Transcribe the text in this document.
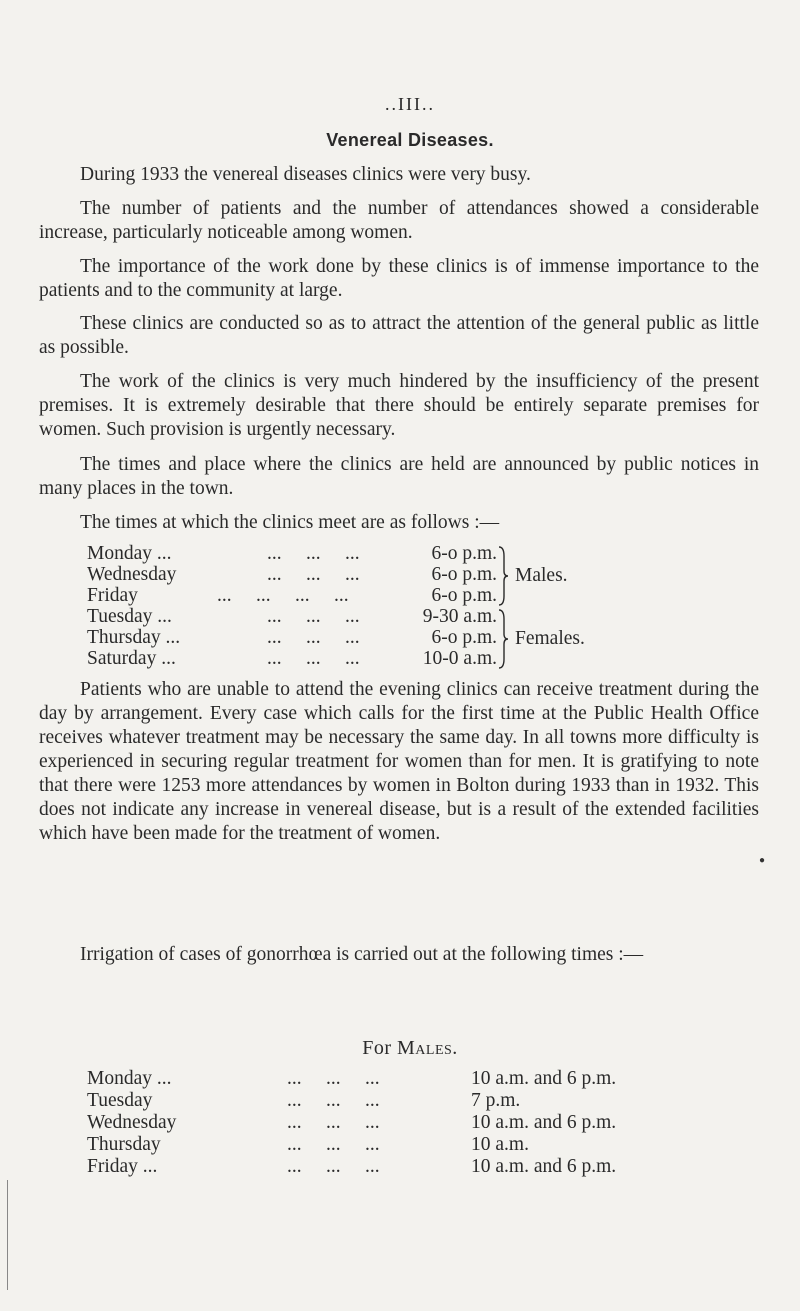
..III..
Venereal Diseases.

During 1933 the venereal diseases clinics were very busy.

The number of patients and the number of attendances showed a considerable increase, particularly noticeable among women.

The importance of the work done by these clinics is of immense importance to the patients and to the community at large.

These clinics are conducted so as to attract the attention of the general public as little as possible.

The work of the clinics is very much hindered by the insufficiency of the present premises. It is extremely desirable that there should be entirely separate premises for women. Such provision is urgently necessary.

The times and place where the clinics are held are announced by public notices in many places in the town.

The times at which the clinics meet are as follows :—

Monday ...	...     ...     ...	6-o p.m.
Wednesday	...     ...     ...	6-o p.m.
Friday	...     ...     ...     ...	6-o p.m.
Tuesday ...	...     ...     ...	9-30 a.m.
Thursday ...	...     ...     ...	6-o p.m.
Saturday ...	...     ...     ...	10-0 a.m.
Males.
Females.

Patients who are unable to attend the evening clinics can receive treatment during the day by arrangement. Every case which calls for the first time at the Public Health Office receives whatever treatment may be necessary the same day. In all towns more difficulty is experienced in securing regular treatment for women than for men. It is gratifying to note that there were 1253 more attendances by women in Bolton during 1933 than in 1932. This does not indicate any increase in venereal disease, but is a result of the extended facilities which have been made for the treatment of women.

Irrigation of cases of gonorrhœa is carried out at the following times :—

For Males.
Monday ...	...     ...     ...	10 a.m. and 6 p.m.
Tuesday	...     ...     ...	7 p.m.
Wednesday	...     ...     ...	10 a.m. and 6 p.m.
Thursday	...     ...     ...	10 a.m.
Friday ...	...     ...     ...	10 a.m. and 6 p.m.
●
